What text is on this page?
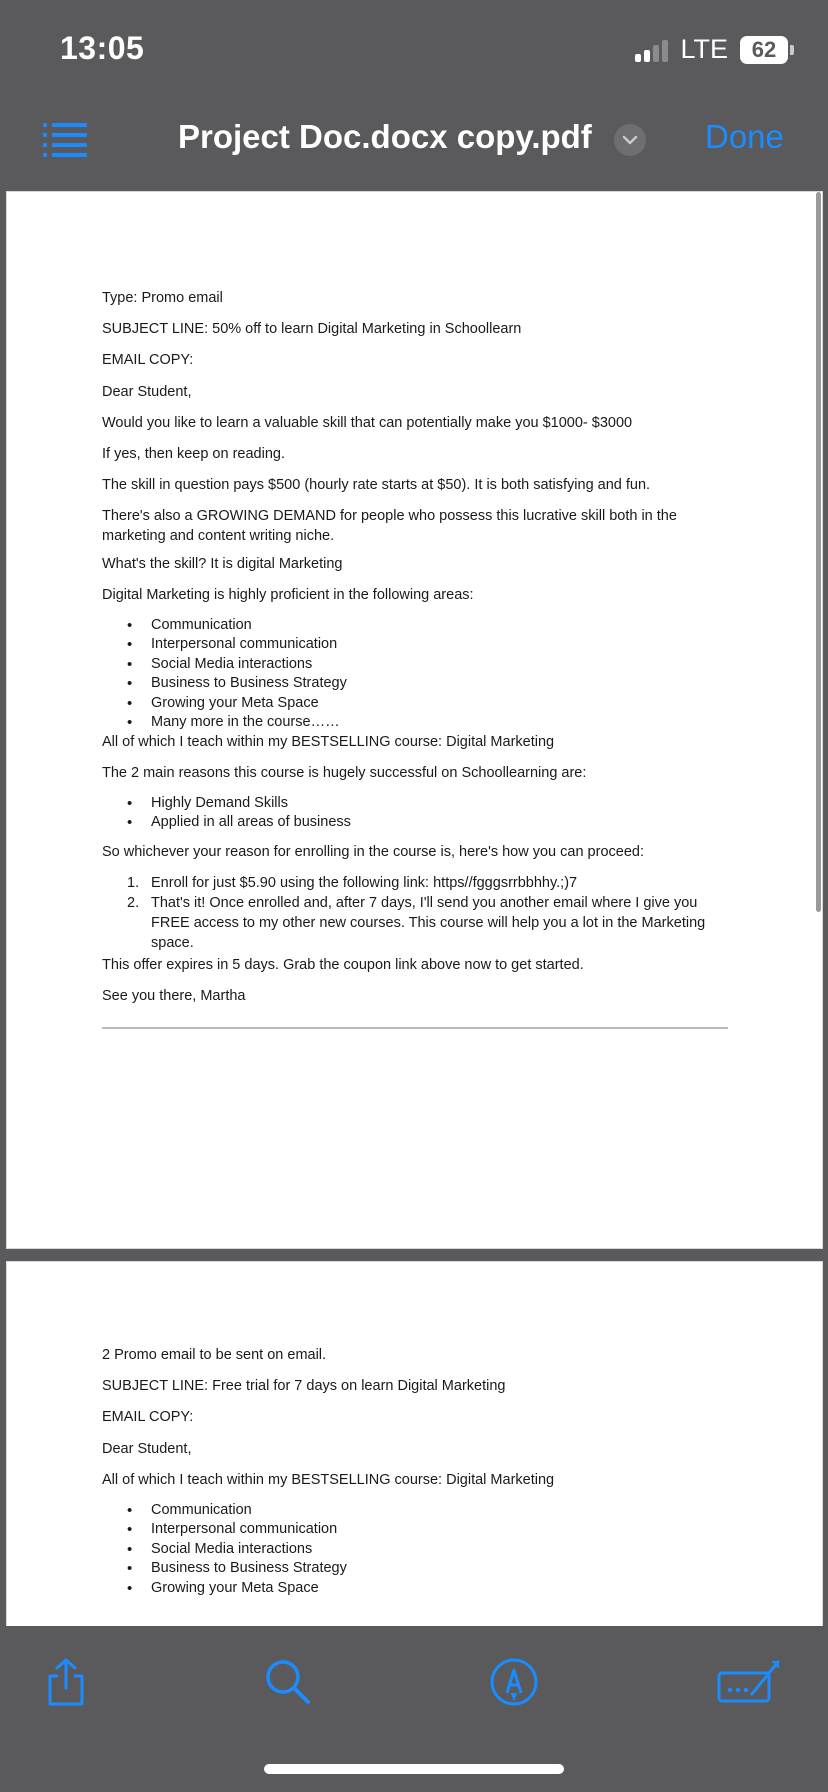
13:05	LTE	62
Project Doc.docx copy.pdf	Done
Type: Promo email
SUBJECT LINE: 50% off to learn Digital Marketing in Schoollearn
EMAIL COPY:
Dear Student,
Would you like to learn a valuable skill that can potentially make you $1000- $3000
If yes, then keep on reading.
The skill in question pays $500 (hourly rate starts at $50). It is both satisfying and fun.
There's also a GROWING DEMAND for people who possess this lucrative skill both in the marketing and content writing niche.
What's the skill? It is digital Marketing
Digital Marketing is highly proficient in the following areas:
• Communication
• Interpersonal communication
• Social Media interactions
• Business to Business Strategy
• Growing your Meta Space
• Many more in the course……
All of which I teach within my BESTSELLING course: Digital Marketing
The 2 main reasons this course is hugely successful on Schoollearning are:
• Highly Demand Skills
• Applied in all areas of business
So whichever your reason for enrolling in the course is, here's how you can proceed:
1. Enroll for just $5.90 using the following link: https//fgggsrrbbhhy.;)7
2. That's it! Once enrolled and, after 7 days, I'll send you another email where I give you FREE access to my other new courses. This course will help you a lot in the Marketing space.
This offer expires in 5 days. Grab the coupon link above now to get started.
See you there, Martha
2 Promo email to be sent on email.
SUBJECT LINE: Free trial for 7 days on learn Digital Marketing
EMAIL COPY:
Dear Student,
All of which I teach within my BESTSELLING course: Digital Marketing
• Communication
• Interpersonal communication
• Social Media interactions
• Business to Business Strategy
• Growing your Meta Space
